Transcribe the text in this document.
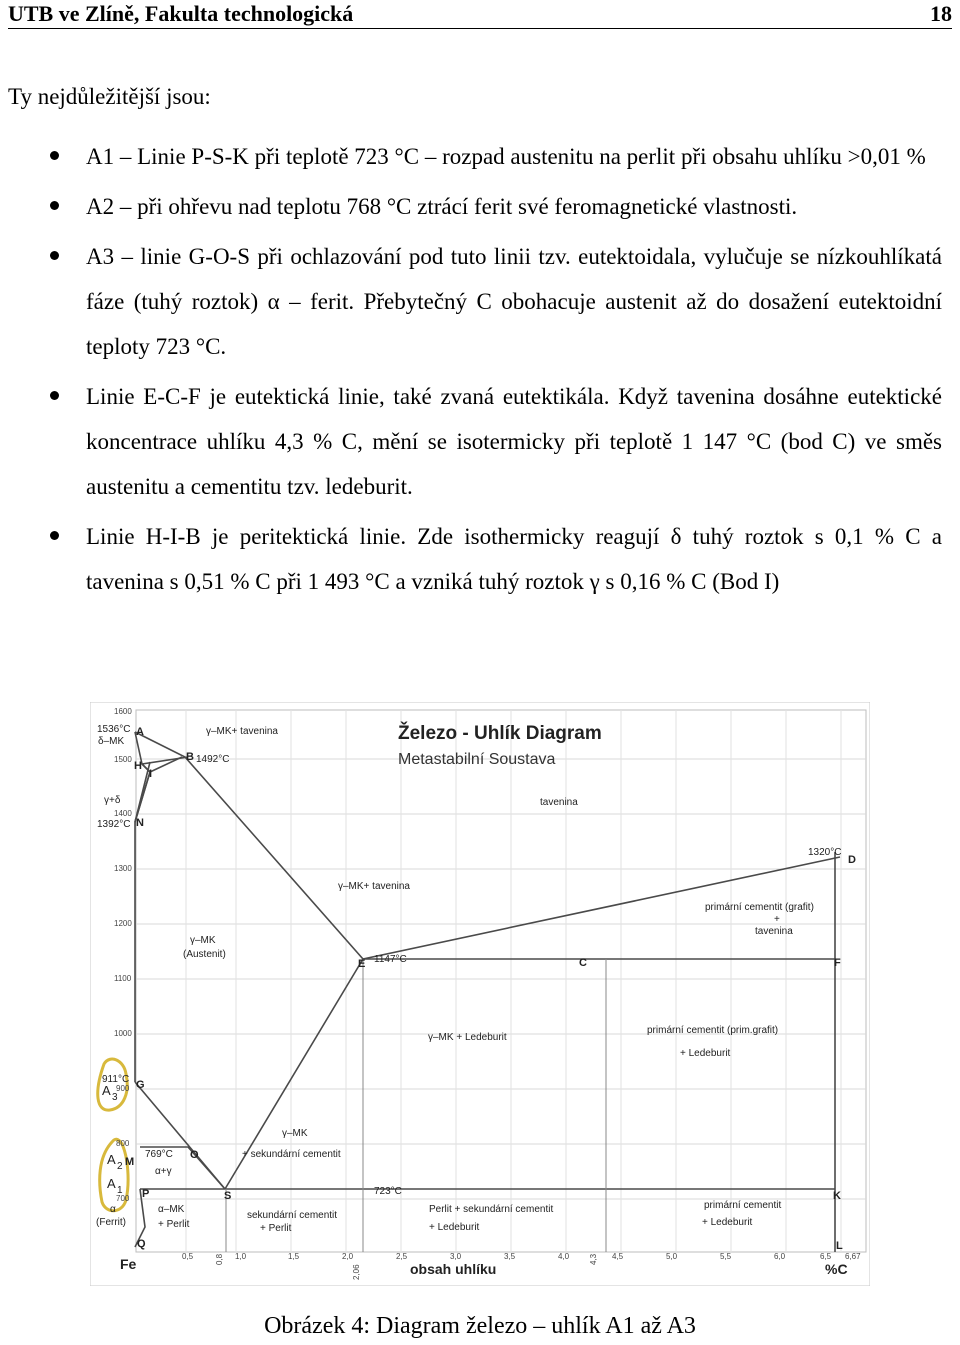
UTB ve Zlíně, Fakulta technologická	18
Ty nejdůležitější jsou:
A1 – Linie P-S-K při teplotě 723 °C – rozpad austenitu na perlit při obsahu uhlíku >0,01 %
A2 – při ohřevu nad teplotu 768 °C ztrácí ferit své feromagnetické vlastnosti.
A3 – linie G-O-S při ochlazování pod tuto linii tzv. eutektoidala, vylučuje se nízkouhlíkatá fáze (tuhý roztok) α – ferit. Přebytečný C obohacuje austenit až do dosažení eutektoidní teploty 723 °C.
Linie E-C-F je eutektická linie, také zvaná eutektikála. Když tavenina dosáhne eutektické koncentrace uhlíku 4,3 % C, mění se isotermicky při teplotě 1 147 °C (bod C) ve směs austenitu a cementitu tzv. ledeburit.
Linie H-I-B je peritektická linie. Zde isothermicky reagují δ tuhý roztok s 0,1 % C a tavenina s 0,51 % C při 1 493 °C a vzniká tuhý roztok γ s 0,16 % C (Bod I)
Železo - Uhlík Diagram
Metastabilní Soustava
1600
1500
1400
1300
1200
1100
1000
900
800
700
0,5	1,0	1,5	2,0	2,5	3,0	3,5	4,0	4,5	5,0	5,5	6,0	6,5 6,67
0,8
2,06
4,3
A
B
H
I
N
D
E	C	F
G
M
O
P	S	K
Q	L
1536°C
1492°C
1392°C
1320°C
1147°C
911°C
769°C
723°C
δ–MK
γ–MK+ tavenina
γ+δ	tavenina
γ–MK+ tavenina
primární cementit (grafit)
+
tavenina
γ–MK
(Austenit)
γ–MK + Ledeburit
primární cementit (prim.grafit)
+ Ledeburit
γ–MK
+ sekundární cementit
α+γ
α–MK
+ Perlit
sekundární cementit
+ Perlit
Perlit + sekundární cementit
+ Ledeburit
primární cementit
+ Ledeburit
α
(Ferrit)
A 3
A 2
A 1
Fe	obsah uhlíku	%C
Obrázek 4: Diagram železo – uhlík A1 až A3
